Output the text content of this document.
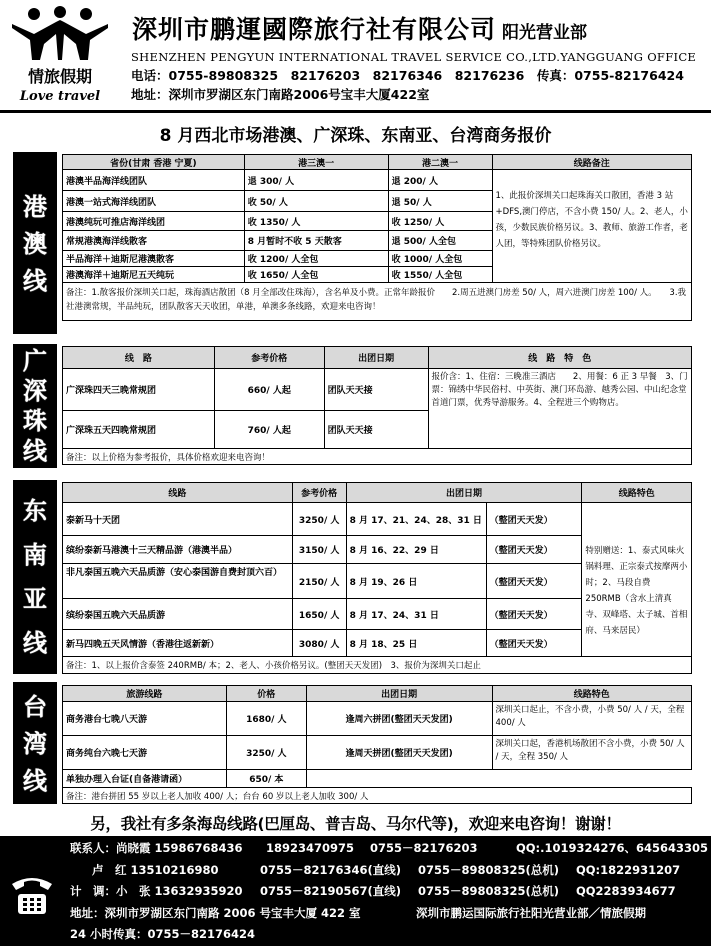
情旅假期
Love travel
深圳市鹏運國際旅行社有限公司 阳光营业部
SHENZHEN PENGYUN INTERNATIONAL TRAVEL SERVICE CO.,LTD.YANGGUANG OFFICE
电话：0755-89808325　82176203　82176346　82176236　 传真：0755-82176424
地址：深圳市罗湖区东门南路2006号宝丰大厦422室
8 月西北市场港澳、广深珠、东南亚、台湾商务报价
港
澳
线
省份(甘肃 香港 宁夏)	港三澳一	港二澳一	线路备注
港澳半品海洋线团队	退 300/ 人	退 200/ 人	1、此报价深圳关口起珠海关口散团，香港 3 站+DFS,澳门停店，不含小费 150/ 人。2、老人，小孩，少数民族价格另议。3、教师、旅游工作者，老人团，等特殊团队价格另议。
港澳一站式海洋线团队	收 50/ 人	退 50/ 人	
港澳纯玩可推店海洋线团	收 1350/ 人	收 1250/ 人	
常规港澳海洋线散客	8 月暂时不收 5 天散客	退 500/ 人全包	
半品海洋＋迪斯尼港澳散客	收 1200/ 人全包	收 1000/ 人全包	
港澳海洋＋迪斯尼五天纯玩	收 1650/ 人全包	收 1550/ 人全包	
备注：1.散客报价深圳关口起，珠海酒店散团（8 月全部改住珠海），含名单及小费。正常年龄报价　　2.周五进澳门房差 50/ 人，周六进澳门房差 100/ 人。　　3.我社港澳常规，半品纯玩，团队散客天天收团，单港，单澳多条线路，欢迎来电咨询！			
广
深
珠
线
线　路	参考价格	出团日期	线　路　特　色
广深珠四天三晚常规团	660/ 人起	团队天天接	报价含：1、住宿：三晚准三酒店　　2、用餐：6 正 3 早餐　3、门票：锦绣中华民俗村、中英街、澳门环岛游、越秀公园、中山纪念堂首道门票，优秀导游服务。4、全程进三个购物店。
广深珠五天四晚常规团	760/ 人起	团队天天接	
备注：以上价格为参考报价，具体价格欢迎来电咨询！			
东
南
亚
线
线路	参考价格	出团日期		线路特色
泰新马十天团	3250/ 人	8 月 17、21、24、28、31 日	（整团天天发）	特别赠送：1、泰式风味火锅料理、正宗泰式按摩两小时；2、马段自费 250RMB（含水上清真寺、双峰塔、太子城、首相府、马来居民）
缤纷泰新马港澳十三天精品游（港澳半品）	3150/ 人	8 月 16、22、29 日	（整团天天发）	
非凡泰国五晚六天品质游（安心泰国游自费封顶六百）	2150/ 人	8 月 19、26 日	（整团天天发）	
缤纷泰国五晚六天品质游	1650/ 人	8 月 17、24、31 日	（整团天天发）	
新马四晚五天风情游（香港往返新新）	3080/ 人	8 月 18、25 日	（整团天天发）	
备注：1、以上报价含泰签 240RMB/ 本；2、老人、小孩价格另议。(整团天天发团)　3、报价为深圳关口起止				
台
湾
线
旅游线路	价格	出团日期	线路特色
商务港台七晚八天游	1680/ 人	逢周六拼团(整团天天发团)	深圳关口起止，不含小费，小费 50/ 人 / 天，全程 400/ 人
商务纯台六晚七天游	3250/ 人	逢周天拼团(整团天天发团)	深圳关口起，香港机场散团不含小费，小费 50/ 人 / 天，全程 350/ 人
单独办理入台证(自备港请函）	650/ 本		
备注：港台拼团 55 岁以上老人加收 400/ 人；台台 60 岁以上老人加收 300/ 人			
另，我社有多条海岛线路(巴厘岛、普吉岛、马尔代等)，欢迎来电咨询！谢谢！
联系人：尚晓霞 15986768436 18923470975 0755－82176203	QQ:.1019324276、645643305
卢　红 13510216980	0755－82176346(直线) 0755－89808325(总机) QQ:1822931207
计　调：小　张 13632935920 0755－82190567(直线) 0755－89808325(总机) QQ2283934677
地址：深圳市罗湖区东门南路 2006 号宝丰大厦 422 室	深圳市鹏运国际旅行社阳光营业部／情旅假期
24 小时传真：0755－82176424
